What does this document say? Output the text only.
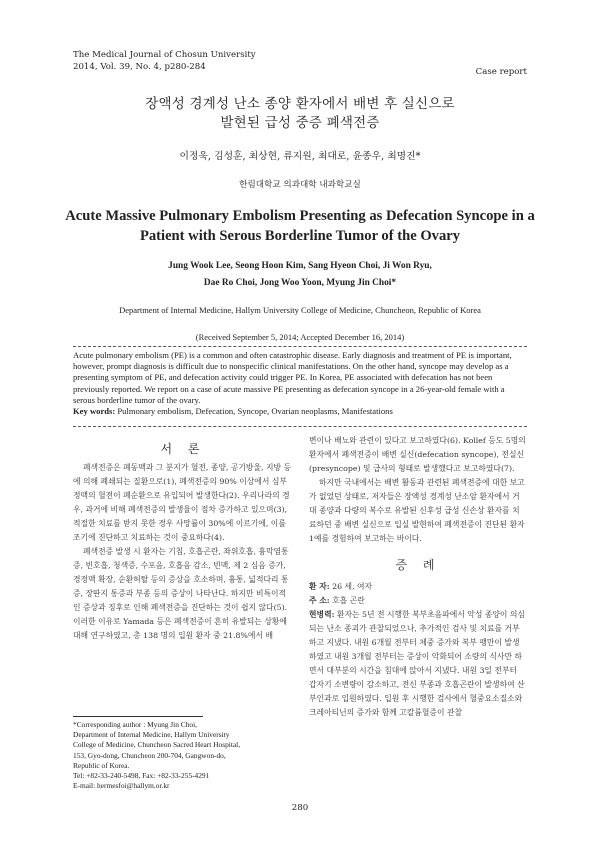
The Medical Journal of Chosun University
2014, Vol. 39, No. 4, p280-284	Case report
장액성 경계성 난소 종양 환자에서 배변 후 실신으로
발현된 급성 중증 폐색전증
이정욱, 김성훈, 최상현, 류지원, 최대로, 윤종우, 최명진*
한림대학교 의과대학 내과학교실
Acute Massive Pulmonary Embolism Presenting as Defecation Syncope in a
Patient with Serous Borderline Tumor of the Ovary
Jung Wook Lee, Seong Hoon Kim, Sang Hyeon Choi, Ji Won Ryu,
Dae Ro Choi, Jong Woo Yoon, Myung Jin Choi*
Department of Internal Medicine, Hallym University College of Medicine, Chuncheon, Republic of Korea
(Received September 5, 2014; Accepted December 16, 2014)
Acute pulmonary embolism (PE) is a common and often catastrophic disease. Early diagnosis and treatment of PE is important, however, prompt diagnosis is difficult due to nonspecific clinical manifestations. On the other hand, syncope may develop as a presenting symptom of PE, and defecation activity could trigger PE. In Korea, PE associated with defecation has not been previously reported. We report on a case of acute massive PE presenting as defecation syncope in a 26-year-old female with a serous borderline tumor of the ovary.
Key words: Pulmonary embolism, Defecation, Syncope, Ovarian neoplasms, Manifestations
서 론

폐색전증은 폐동맥과 그 분지가 혈전, 종양, 공기방울, 지방 등에 의해 폐쇄되는 질환으로(1), 폐색전증의 90% 이상에서 심부정맥의 혈전이 폐순환으로 유입되어 발생한다(2). 우리나라의 경우, 과거에 비해 폐색전증의 발생율이 점차 증가하고 있으며(3), 적절한 치료를 받지 못한 경우 사망률이 30%에 이르기에, 이를 조기에 진단하고 치료하는 것이 중요하다(4).

폐색전증 발생 시 환자는 기침, 호흡곤란, 좌위호흡, 흉막염통증, 빈호흡, 청색증, 수포음, 호흡음 감소, 빈맥, 제 2 심음 증가, 경정맥 확장, 순환허탈 등의 증상을 호소하며, 흉통, 넓적다리 통증, 장딴지 통증과 부종 등의 증상이 나타난다. 하지만 비특이적인 증상과 징후로 인해 폐색전증을 진단하는 것이 쉽지 않다(5). 이러한 이유로 Yamada 등은 폐색전증이 흔히 유발되는 상황에 대해 연구하였고, 총 138 명의 입원 환자 중 21.8%에서 배

*Corresponding author : Myung Jin Choi,
Department of Internal Medicine, Hallym University
College of Medicine, Chuncheon Sacred Heart Hospital,
153, Gyo-dong, Chuncheon 200-704, Gangwon-do,
Republic of Korea.
Tel: +82-33-240-5498, Fax: +82-33-255-4291
E-mail: hermesfoi@hallym.or.kr

변이나 배뇨와 관련이 있다고 보고하였다(6). Kollef 등도 5명의 환자에서 폐색전증이 배변 실신(defecation syncope), 전실신(presyncope) 및 급사의 형태로 발생했다고 보고하였다(7).

하지만 국내에서는 배변 활동과 관련된 폐색전증에 대한 보고가 없었던 상태로, 저자들은 장액성 경계성 난소암 환자에서 거대 종양과 다량의 복수로 유발된 신후성 급성 신손상 환자를 치료하던 중 배변 실신으로 입실 발현하여 폐색전증이 진단된 환자 1예를 경험하여 보고하는 바이다.

증 례
환 자: 26 세, 여자
주 소: 호흡 곤란
현병력: 환자는 5년 전 시행한 복부초음파에서 악성 종양이 의심되는 난소 종괴가 관찰되었으나, 추가적인 검사 및 치료를 거부하고 지냈다. 내원 6개월 전부터 체중 증가와 복부 팽만이 발생하였고 내원 3개월 전부터는 증상이 악화되어 소량의 식사만 하면서 대부분의 시간을 침대에 앉아서 지냈다. 내원 3일 전부터 갑자기 소변량이 감소하고, 전신 부종과 호흡곤란이 발생하여 산부인과로 입원하였다. 입원 후 시행한 검사에서 혈중요소질소와 크레아티닌의 증가와 함께 고칼륨혈증이 관찰
280
